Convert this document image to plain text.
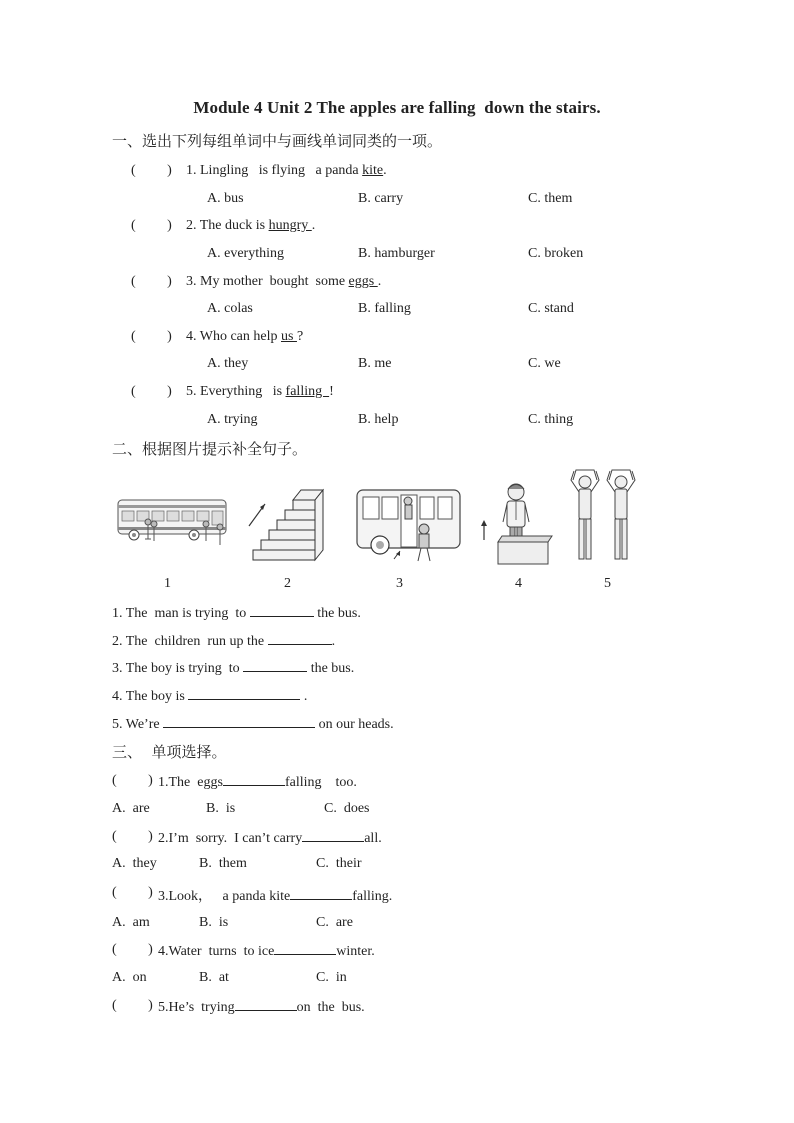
Module 4 Unit 2 The apples are falling  down the stairs.
一、选出下列每组单词中与画线单词同类的一项。
(         ) 1. Lingling   is flying   a panda kite.
A. bus	B. carry	C. them
(         ) 2. The duck is hungry .
A. everything	B. hamburger	C. broken
(         ) 3. My mother  bought  some eggs .
A. colas	B. falling	C. stand
(         ) 4. Who can help us ?
A. they	B. me	C. we
(         ) 5. Everything   is falling  !
A. trying	B. help	C. thing
二、根据图片提示补全句子。
1	2	3	4	5
1. The  man is trying  to	the bus.
2. The  children  run up the	.
3. The boy is trying  to	the bus.
4. The boy is	.
5. We’re	on our heads.
三、  单项选择。
(         ) 1.The  eggs	falling    too.
A.  are	B.  is	C.  does
(         ) 2.I’m  sorry.  I can’t carry	all.
A.  they	B.  them	C.  their
(         ) 3.Look，   a panda kite	falling.
A.  am	B.  is	C.  are
(         ) 4.Water  turns  to ice	winter.
A.  on	B.  at	C.  in
(         ) 5.He’s  trying	on  the  bus.
